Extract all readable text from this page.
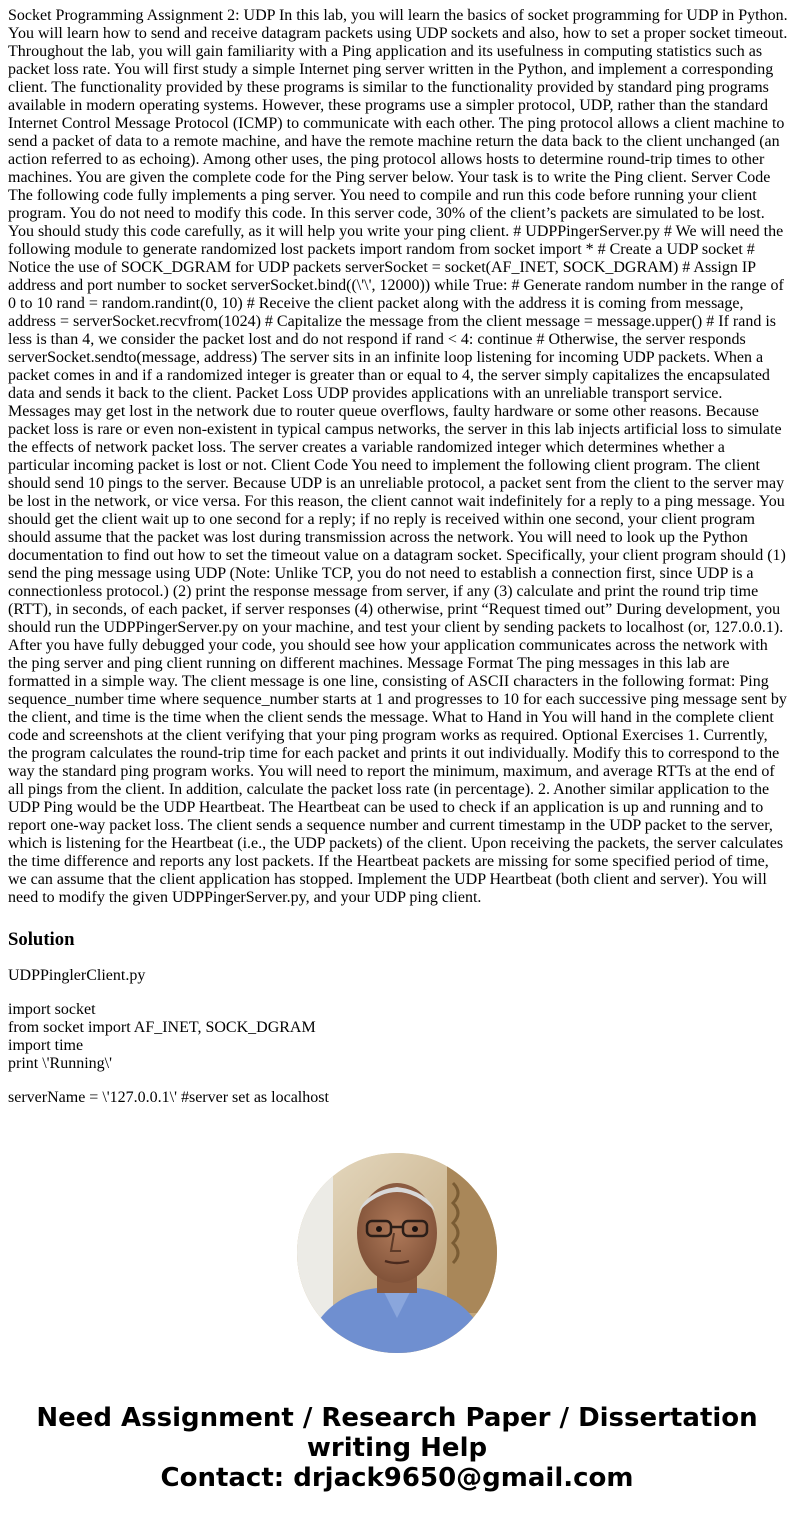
Socket Programming Assignment 2: UDP In this lab, you will learn the basics of socket programming for UDP in Python. You will learn how to send and receive datagram packets using UDP sockets and also, how to set a proper socket timeout. Throughout the lab, you will gain familiarity with a Ping application and its usefulness in computing statistics such as packet loss rate. You will first study a simple Internet ping server written in the Python, and implement a corresponding client. The functionality provided by these programs is similar to the functionality provided by standard ping programs available in modern operating systems. However, these programs use a simpler protocol, UDP, rather than the standard Internet Control Message Protocol (ICMP) to communicate with each other. The ping protocol allows a client machine to send a packet of data to a remote machine, and have the remote machine return the data back to the client unchanged (an action referred to as echoing). Among other uses, the ping protocol allows hosts to determine round-trip times to other machines. You are given the complete code for the Ping server below. Your task is to write the Ping client. Server Code The following code fully implements a ping server. You need to compile and run this code before running your client program. You do not need to modify this code. In this server code, 30% of the client’s packets are simulated to be lost. You should study this code carefully, as it will help you write your ping client. # UDPPingerServer.py # We will need the following module to generate randomized lost packets import random from socket import * # Create a UDP socket # Notice the use of SOCK_DGRAM for UDP packets serverSocket = socket(AF_INET, SOCK_DGRAM) # Assign IP address and port number to socket serverSocket.bind((\'\', 12000)) while True: # Generate random number in the range of 0 to 10 rand = random.randint(0, 10) # Receive the client packet along with the address it is coming from message, address = serverSocket.recvfrom(1024) # Capitalize the message from the client message = message.upper() # If rand is less is than 4, we consider the packet lost and do not respond if rand < 4: continue # Otherwise, the server responds serverSocket.sendto(message, address) The server sits in an infinite loop listening for incoming UDP packets. When a packet comes in and if a randomized integer is greater than or equal to 4, the server simply capitalizes the encapsulated data and sends it back to the client. Packet Loss UDP provides applications with an unreliable transport service. Messages may get lost in the network due to router queue overflows, faulty hardware or some other reasons. Because packet loss is rare or even non-existent in typical campus networks, the server in this lab injects artificial loss to simulate the effects of network packet loss. The server creates a variable randomized integer which determines whether a particular incoming packet is lost or not. Client Code You need to implement the following client program. The client should send 10 pings to the server. Because UDP is an unreliable protocol, a packet sent from the client to the server may be lost in the network, or vice versa. For this reason, the client cannot wait indefinitely for a reply to a ping message. You should get the client wait up to one second for a reply; if no reply is received within one second, your client program should assume that the packet was lost during transmission across the network. You will need to look up the Python documentation to find out how to set the timeout value on a datagram socket. Specifically, your client program should (1) send the ping message using UDP (Note: Unlike TCP, you do not need to establish a connection first, since UDP is a connectionless protocol.) (2) print the response message from server, if any (3) calculate and print the round trip time (RTT), in seconds, of each packet, if server responses (4) otherwise, print “Request timed out” During development, you should run the UDPPingerServer.py on your machine, and test your client by sending packets to localhost (or, 127.0.0.1). After you have fully debugged your code, you should see how your application communicates across the network with the ping server and ping client running on different machines. Message Format The ping messages in this lab are formatted in a simple way. The client message is one line, consisting of ASCII characters in the following format: Ping sequence_number time where sequence_number starts at 1 and progresses to 10 for each successive ping message sent by the client, and time is the time when the client sends the message. What to Hand in You will hand in the complete client code and screenshots at the client verifying that your ping program works as required. Optional Exercises 1. Currently, the program calculates the round-trip time for each packet and prints it out individually. Modify this to correspond to the way the standard ping program works. You will need to report the minimum, maximum, and average RTTs at the end of all pings from the client. In addition, calculate the packet loss rate (in percentage). 2. Another similar application to the UDP Ping would be the UDP Heartbeat. The Heartbeat can be used to check if an application is up and running and to report one-way packet loss. The client sends a sequence number and current timestamp in the UDP packet to the server, which is listening for the Heartbeat (i.e., the UDP packets) of the client. Upon receiving the packets, the server calculates the time difference and reports any lost packets. If the Heartbeat packets are missing for some specified period of time, we can assume that the client application has stopped. Implement the UDP Heartbeat (both client and server). You will need to modify the given UDPPingerServer.py, and your UDP ping client.

Solution

UDPPinglerClient.py

import socket
from socket import AF_INET, SOCK_DGRAM
import time
print \'Running\'

serverName = \'127.0.0.1\' #server set as localhost

Need Assignment / Research Paper / Dissertation
writing Help
Contact: drjack9650@gmail.com
